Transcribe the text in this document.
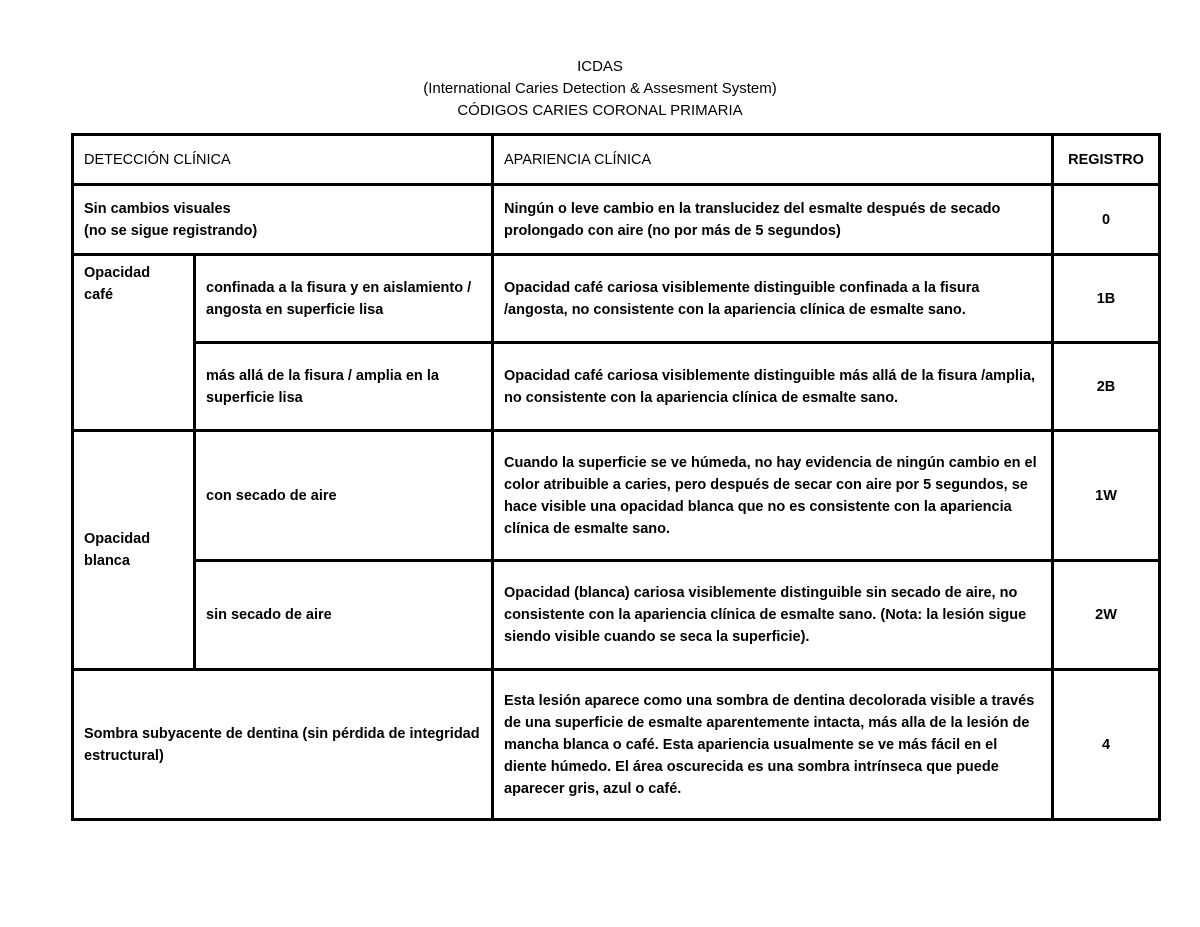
ICDAS
(International Caries Detection & Assesment System)
CÓDIGOS CARIES CORONAL PRIMARIA
DETECCIÓN CLÍNICA		APARIENCIA CLÍNICA	REGISTRO

Sin cambios visuales
(no se sigue registrando)		Ningún o leve cambio en la translucidez del esmalte después de secado prolongado con aire (no por más de 5 segundos)	0
Opacidad café	confinada a la fisura y en aislamiento / angosta en superficie lisa	Opacidad café cariosa visiblemente distinguible confinada a la fisura /angosta, no consistente con la apariencia clínica de esmalte sano.	1B
	más allá de la fisura / amplia en la superficie lisa	Opacidad café cariosa visiblemente distinguible más allá de la fisura /amplia, no consistente con la apariencia clínica de esmalte sano.	2B
Opacidad blanca	con secado de aire	Cuando la superficie se ve húmeda, no hay evidencia de ningún cambio en el color atribuible a caries, pero después de secar con aire por 5 segundos, se hace visible una opacidad blanca que no es consistente con la apariencia clínica de esmalte sano.	1W
	sin secado de aire	Opacidad (blanca) cariosa visiblemente distinguible sin secado de aire, no consistente con la apariencia clínica de esmalte sano. (Nota: la lesión sigue siendo visible cuando se seca la superficie).	2W
Sombra subyacente de dentina (sin pérdida de integridad estructural)		Esta lesión aparece como una sombra de dentina decolorada visible a través de una superficie de esmalte aparentemente intacta, más alla de la lesión de mancha blanca o café. Esta apariencia usualmente se ve más fácil en el diente húmedo. El área oscurecida es una sombra intrínseca que puede aparecer gris, azul o café.	4
